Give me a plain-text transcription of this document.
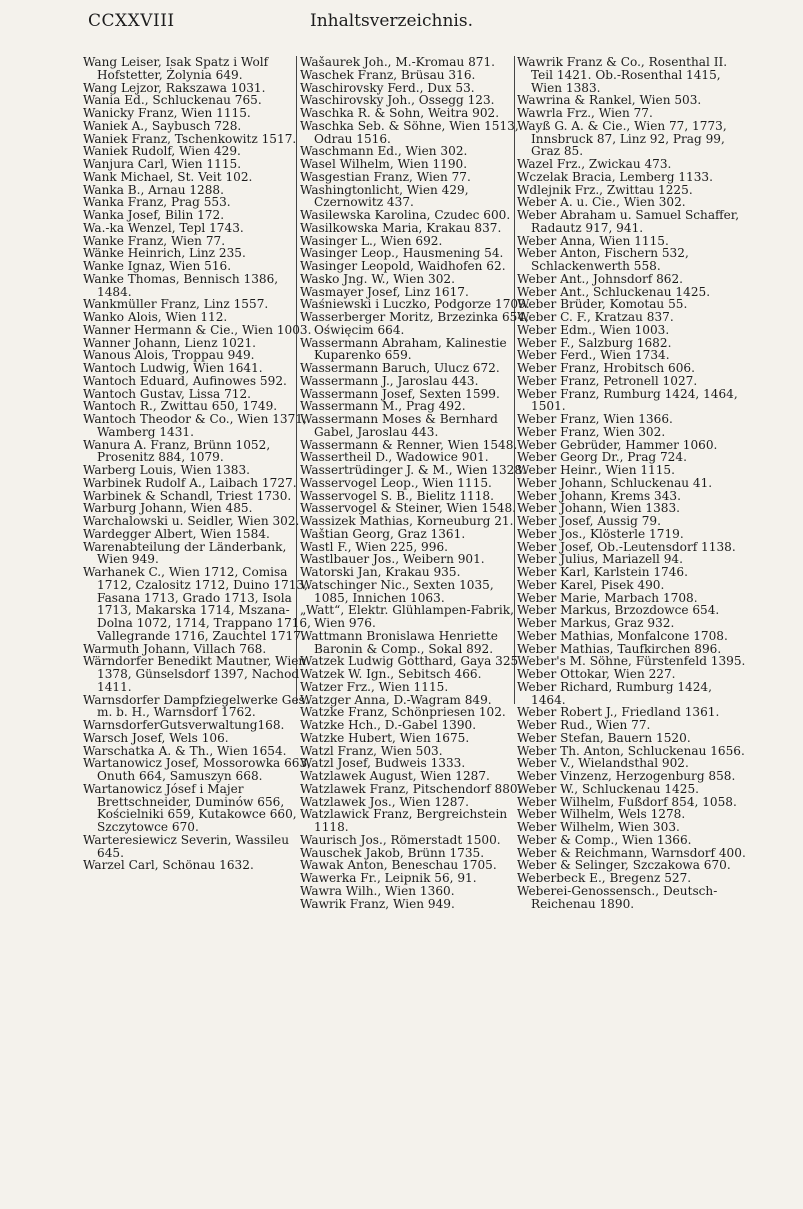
CCXXVIII	Inhaltsverzeichnis.
Wang Leiser, Isak Spatz i Wolf Hofstetter, Żolynia 649.
Wang Lejzor, Rakszawa 1031.
Wania Ed., Schluckenau 765.
Wanicky Franz, Wien 1115.
Waniek A., Saybusch 728.
Waniek Franz, Tschenkowitz 1517.
Waniek Rudolf, Wien 429.
Wanjura Carl, Wien 1115.
Wank Michael, St. Veit 102.
Wanka B., Arnau 1288.
Wanka Franz, Prag 553.
Wanka Josef, Bilin 172.
Wa.-ka Wenzel, Tepl 1743.
Wanke Franz, Wien 77.
Wänke Heinrich, Linz 235.
Wanke Ignaz, Wien 516.
Wanke Thomas, Bennisch 1386, 1484.
Wankmüller Franz, Linz 1557.
Wanko Alois, Wien 112.
Wanner Hermann & Cie., Wien 1003.
Wanner Johann, Lienz 1021.
Wanous Alois, Troppau 949.
Wantoch Ludwig, Wien 1641.
Wantoch Eduard, Aufinowes 592.
Wantoch Gustav, Lissa 712.
Wantoch R., Zwittau 650, 1749.
Wantoch Theodor & Co., Wien 1371, Wamberg 1431.
Wanura A. Franz, Brünn 1052, Prosenitz 884, 1079.
Warberg Louis, Wien 1383.
Warbinek Rudolf A., Laibach 1727.
Warbinek & Schandl, Triest 1730.
Warburg Johann, Wien 485.
Warchalowski u. Seidler, Wien 302.
Wardegger Albert, Wien 1584.
Warenabteilung der Länderbank, Wien 949.
Warhanek C., Wien 1712, Comisa 1712, Czalositz 1712, Duino 1713, Fasana 1713, Grado 1713, Isola 1713, Makarska 1714, Mszana-Dolna 1072, 1714, Trappano 1716, Vallegrande 1716, Zauchtel 1717.
Warmuth Johann, Villach 768.
Wärndorfer Benedikt Mautner, Wien 1378, Günselsdorf 1397, Nachod 1411.
Warnsdorfer Dampfziegelwerke Ges. m. b. H., Warnsdorf 1762.
WarnsdorferGutsverwaltung168.
Warsch Josef, Wels 106.
Warschatka A. & Th., Wien 1654.
Wartanowicz Josef, Mossorowka 663, Onuth 664, Samuszyn 668.
Wartanowicz Jósef i Majer Brettschneider, Duminów 656, Kościelniki 659, Kutakowce 660, Szczytowce 670.
Warteresiewicz Severin, Wassileu 645.
Warzel Carl, Schönau 1632.
Wašaurek Joh., M.-Kromau 871.
Waschek Franz, Brüsau 316.
Waschirovsky Ferd., Dux 53.
Waschirovsky Joh., Ossegg 123.
Waschka R. & Sohn, Weitra 902.
Waschka Seb. & Söhne, Wien 1513, Odrau 1516.
Waschmann Ed., Wien 302.
Wasel Wilhelm, Wien 1190.
Wasgestian Franz, Wien 77.
Washingtonlicht, Wien 429, Czernowitz 437.
Wasilewska Karolina, Czudec 600.
Wasilkowska Maria, Krakau 837.
Wasinger L., Wien 692.
Wasinger Leop., Hausmening 54.
Wasinger Leopold, Waidhofen 62.
Wasko Jng. W., Wien 302.
Wasmayer Josef, Linz 1617.
Waśniewski i Luczko, Podgorze 1709.
Wasserberger Moritz, Brzezinka 654, Oświęcim 664.
Wassermann Abraham, Kalinestie Kuparenko 659.
Wassermann Baruch, Ulucz 672.
Wassermann J., Jaroslau 443.
Wassermann Josef, Sexten 1599.
Wassermann M., Prag 492.
Wassermann Moses & Bernhard Gabel, Jaroslau 443.
Wassermann & Renner, Wien 1548.
Wassertheil D., Wadowice 901.
Wassertrüdinger J. & M., Wien 1328.
Wasservogel Leop., Wien 1115.
Wasservogel S. B., Bielitz 1118.
Wasservogel & Steiner, Wien 1548.
Wassizek Mathias, Korneuburg 21.
Waštian Georg, Graz 1361.
Wastl F., Wien 225, 996.
Wastlbauer Jos., Weibern 901.
Watorski Jan, Krakau 935.
Watschinger Nic., Sexten 1035, 1085, Innichen 1063.
„Watt“, Elektr. Glühlampen-Fabrik, Wien 976.
Wattmann Bronislawa Henriette Baronin & Comp., Sokal 892.
Watzek Ludwig Gotthard, Gaya 325
Watzek W. Ign., Sebitsch 466.
Watzer Frz., Wien 1115.
Watzger Anna, D.-Wagram 849.
Watzke Franz, Schönpriesen 102.
Watzke Hch., D.-Gabel 1390.
Watzke Hubert, Wien 1675.
Watzl Franz, Wien 503.
Watzl Josef, Budweis 1333.
Watzlawek August, Wien 1287.
Watzlawek Franz, Pitschendorf 880.
Watzlawek Jos., Wien 1287.
Watzlawick Franz, Bergreichstein 1118.
Waurisch Jos., Römerstadt 1500.
Wauschek Jakob, Brünn 1735.
Wawak Anton, Beneschau 1705.
Wawerka Fr., Leipnik 56, 91.
Wawra Wilh., Wien 1360.
Wawrik Franz, Wien 949.
Wawrik Franz & Co., Rosenthal II. Teil 1421. Ob.-Rosenthal 1415, Wien 1383.
Wawrina & Rankel, Wien 503.
Wawrla Frz., Wien 77.
Wayß G. A. & Cie., Wien 77, 1773, Innsbruck 87, Linz 92, Prag 99, Graz 85.
Wazel Frz., Zwickau 473.
Wczelak Bracia, Lemberg 1133.
Wdlejnik Frz., Zwittau 1225.
Weber A. u. Cie., Wien 302.
Weber Abraham u. Samuel Schaffer, Radautz 917, 941.
Weber Anna, Wien 1115.
Weber Anton, Fischern 532, Schlackenwerth 558.
Weber Ant., Johnsdorf 862.
Weber Ant., Schluckenau 1425.
Weber Brüder, Komotau 55.
Weber C. F., Kratzau 837.
Weber Edm., Wien 1003.
Weber F., Salzburg 1682.
Weber Ferd., Wien 1734.
Weber Franz, Hrobitsch 606.
Weber Franz, Petronell 1027.
Weber Franz, Rumburg 1424, 1464, 1501.
Weber Franz, Wien 1366.
Weber Franz, Wien 302.
Weber Gebrüder, Hammer 1060.
Weber Georg Dr., Prag 724.
Weber Heinr., Wien 1115.
Weber Johann, Schluckenau 41.
Weber Johann, Krems 343.
Weber Johann, Wien 1383.
Weber Josef, Aussig 79.
Weber Jos., Klösterle 1719.
Weber Josef, Ob.-Leutensdorf 1138.
Weber Julius, Mariazell 94.
Weber Karl, Karlstein 1746.
Weber Karel, Pisek 490.
Weber Marie, Marbach 1708.
Weber Markus, Brzozdowce 654.
Weber Markus, Graz 932.
Weber Mathias, Monfalcone 1708.
Weber Mathias, Taufkirchen 896.
Weber's M. Söhne, Fürstenfeld 1395.
Weber Ottokar, Wien 227.
Weber Richard, Rumburg 1424, 1464.
Weber Robert J., Friedland 1361.
Weber Rud., Wien 77.
Weber Stefan, Bauern 1520.
Weber Th. Anton, Schluckenau 1656.
Weber V., Wielandsthal 902.
Weber Vinzenz, Herzogenburg 858.
Weber W., Schluckenau 1425.
Weber Wilhelm, Fußdorf 854, 1058.
Weber Wilhelm, Wels 1278.
Weber Wilhelm, Wien 303.
Weber & Comp., Wien 1366.
Weber & Reichmann, Warnsdorf 400.
Weber & Selinger, Szczakowa 670.
Weberbeck E., Bregenz 527.
Weberei-Genossensch., Deutsch-Reichenau 1890.
